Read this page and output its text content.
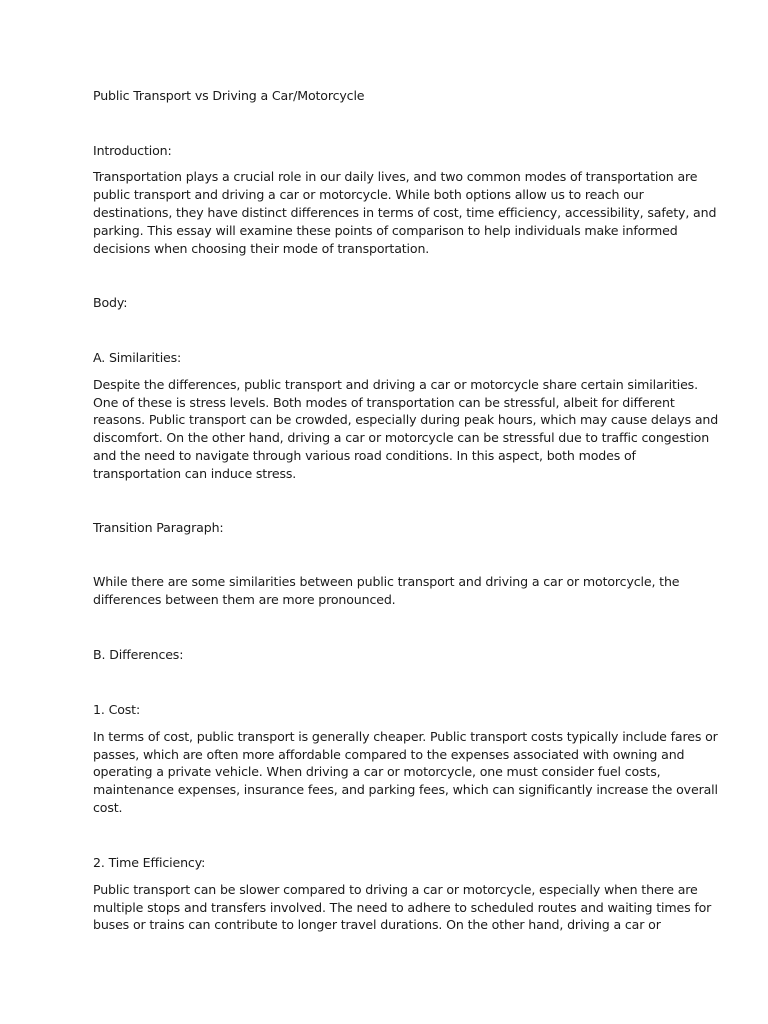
Public Transport vs Driving a Car/Motorcycle
Introduction:
Transportation plays a crucial role in our daily lives, and two common modes of transportation are
public transport and driving a car or motorcycle. While both options allow us to reach our
destinations, they have distinct differences in terms of cost, time efficiency, accessibility, safety, and
parking. This essay will examine these points of comparison to help individuals make informed
decisions when choosing their mode of transportation.
Body:
A. Similarities:
Despite the differences, public transport and driving a car or motorcycle share certain similarities.
One of these is stress levels. Both modes of transportation can be stressful, albeit for different
reasons. Public transport can be crowded, especially during peak hours, which may cause delays and
discomfort. On the other hand, driving a car or motorcycle can be stressful due to traffic congestion
and the need to navigate through various road conditions. In this aspect, both modes of
transportation can induce stress.
Transition Paragraph:
While there are some similarities between public transport and driving a car or motorcycle, the
differences between them are more pronounced.
B. Differences:
1. Cost:
In terms of cost, public transport is generally cheaper. Public transport costs typically include fares or
passes, which are often more affordable compared to the expenses associated with owning and
operating a private vehicle. When driving a car or motorcycle, one must consider fuel costs,
maintenance expenses, insurance fees, and parking fees, which can significantly increase the overall
cost.
2. Time Efficiency:
Public transport can be slower compared to driving a car or motorcycle, especially when there are
multiple stops and transfers involved. The need to adhere to scheduled routes and waiting times for
buses or trains can contribute to longer travel durations. On the other hand, driving a car or
